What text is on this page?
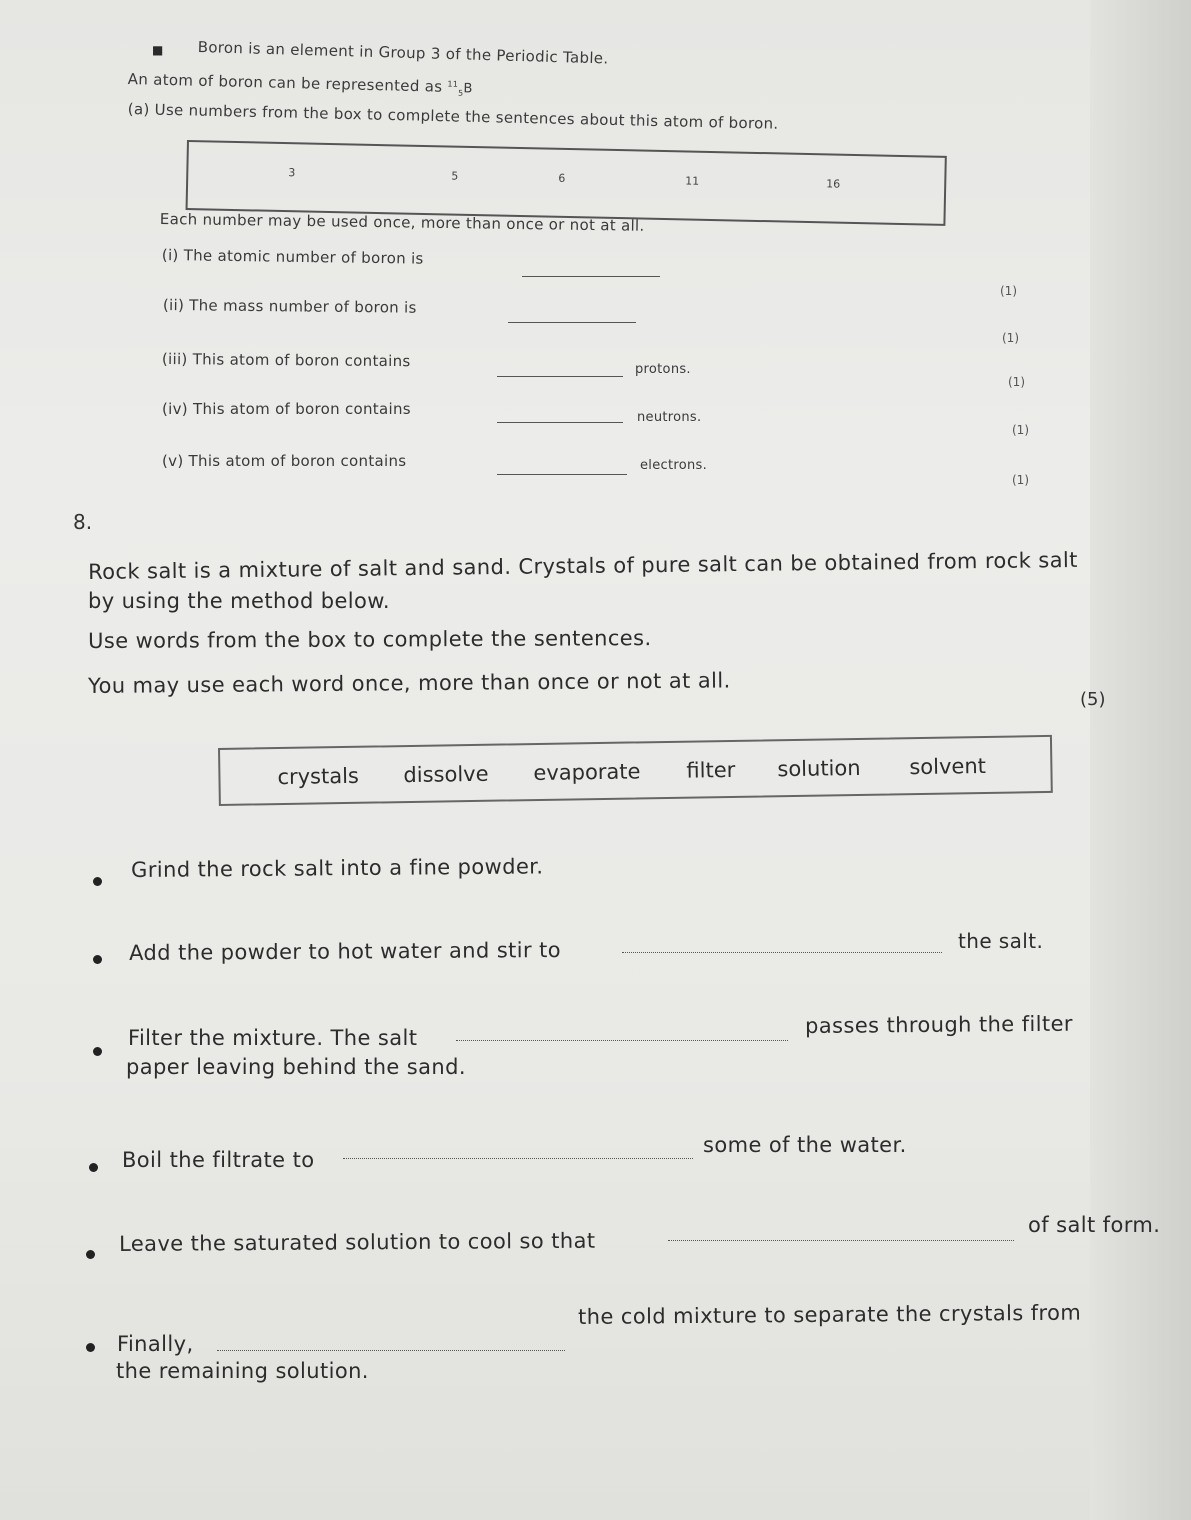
■ Boron is an element in Group 3 of the Periodic Table.
An atom of boron can be represented as $^{11}_5$B
(a) Use numbers from the box to complete the sentences about this atom of boron.
3	5	6	11	16
Each number may be used once, more than once or not at all.
(i) The atomic number of boron is
(1)
(ii) The mass number of boron is
(1)
(iii) This atom of boron contains	protons.
(1)
(iv) This atom of boron contains	neutrons.
(1)
(v) This atom of boron contains	electrons.
(1)
8.
Rock salt is a mixture of salt and sand. Crystals of pure salt can be obtained from rock salt
by using the method below.
Use words from the box to complete the sentences.
You may use each word once, more than once or not at all.
(5)
crystals dissolve evaporate filter solution solvent
Grind the rock salt into a fine powder.
Add the powder to hot water and stir to	the salt.
Filter the mixture. The salt
passes through the filter
paper leaving behind the sand.
Boil the filtrate to
some of the water.
Leave the saturated solution to cool so that
of salt form.
Finally,
the cold mixture to separate the crystals from
the remaining solution.
